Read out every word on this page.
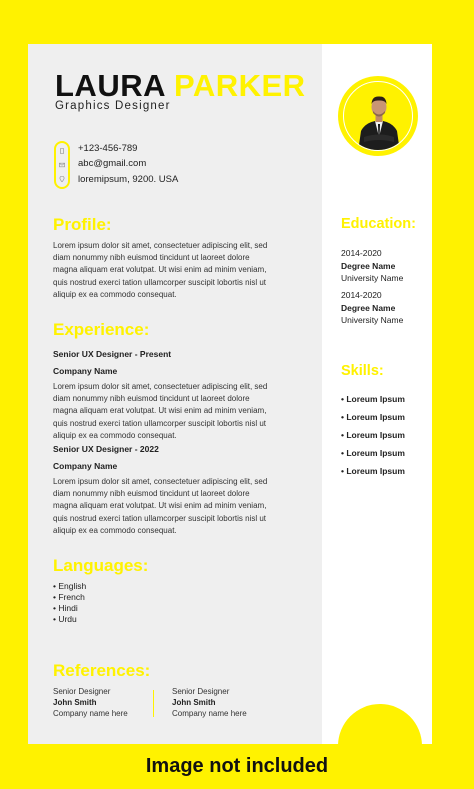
LAURA PARKER
Graphics Designer
+123-456-789
abc@gmail.com
loremipsum, 9200. USA
Profile:
Lorem ipsum dolor sit amet, consectetuer adipiscing elit, sed
diam nonummy nibh euismod tincidunt ut laoreet dolore
magna aliquam erat volutpat. Ut wisi enim ad minim veniam,
quis nostrud exerci tation ullamcorper suscipit lobortis nisl ut
aliquip ex ea commodo consequat.
Experience:
Senior UX Designer - Present
Company Name
Lorem ipsum dolor sit amet, consectetuer adipiscing elit, sed
diam nonummy nibh euismod tincidunt ut laoreet dolore
magna aliquam erat volutpat. Ut wisi enim ad minim veniam,
quis nostrud exerci tation ullamcorper suscipit lobortis nisl ut
aliquip ex ea commodo consequat.
Senior UX Designer - 2022
Company Name
Lorem ipsum dolor sit amet, consectetuer adipiscing elit, sed
diam nonummy nibh euismod tincidunt ut laoreet dolore
magna aliquam erat volutpat. Ut wisi enim ad minim veniam,
quis nostrud exerci tation ullamcorper suscipit lobortis nisl ut
aliquip ex ea commodo consequat.
Languages:
• English
• French
• Hindi
• Urdu
References:
Senior Designer
John Smith
Company name here
Senior Designer
John Smith
Company name here
Education:
2014-2020
Degree Name
University Name
2014-2020
Degree Name
University Name
Skills:
• Loreum Ipsum
• Loreum Ipsum
• Loreum Ipsum
• Loreum Ipsum
• Loreum Ipsum
Image not included
